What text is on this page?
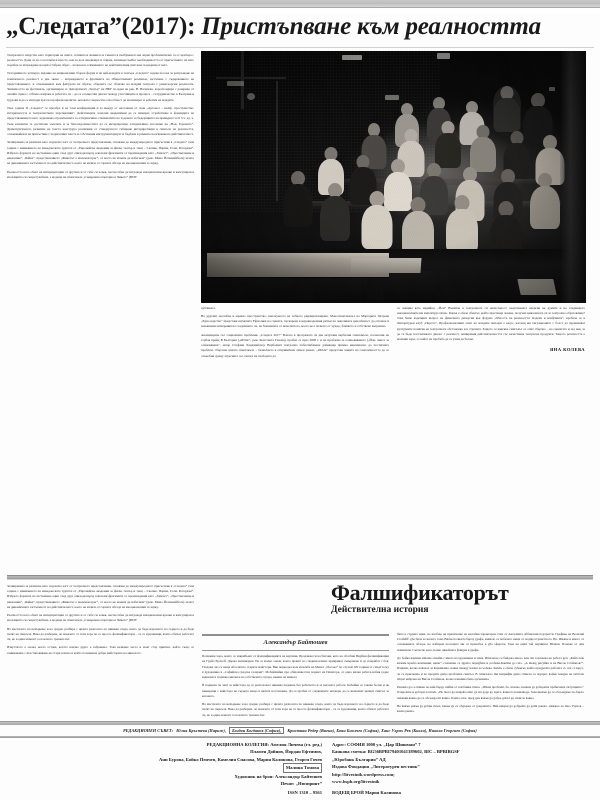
„Следата”(2017): Пристъпване към реалността

Театралното изкуство като територия на опита, сетивата и знанието и тъканта в пълбуването им черна проблематично са от центъра с реалността. Дали за да са поглъби и просто, как за да и анализира и открие, значащи съмбът необходимостта от присъствието на като подобен за изграждане на цялостобран образ – полезен в освмяването на действителния свят или създадени от него.

Тазгодишното четвърто издание на националния сборен форум и на най-младите в театъра „Следата” задава посока за разгръщане на тематичното реалност в две звена – изграждането и фрагмента на Общественият реализъм, застъпена с съдържанието на представлението, и отношенията към фигурата на образа, обърната със обсилва на младия театрала с режисьорски реалиости. Значимостта на фестивала, организиран от Департамент „Театър” на НБУ по идея на рек. В. Василева, кореспондира с разкрива от онлайн сцена с отблизо направа и работата си – да се осъществи диалог между участниците в процеса – сътрудничество в Бълграия и трудови и да се изгради чрез на професионалисти, неговата същностна способност да анализират и работим на младите.

Така година II „Следата” се преобра и на тази конференция и за между от насочвана от свои „Артокол – възпр. пространство: истеричността и театралистките перспективи”. Действащите зонални академични да се намират, отработване и фомандите на представляването като задължава отразителната за алтернативно споменатите на ходовете за бъдерацията на превърнат за 6 3 х. ед. ч. Тези елементи за достигане залезите и за билозадолиностита да се интерпретира алтернативно послание на „Нов, Героинто”. Драматургичното развитие на текста конструра разлизния от стандартното събиране интерпретация в смисъла на реалността, основавайки и на присъствие с поднесения текста и собствения инструментариум за бъдбане в рамките на изкаканата действителност.

Залиправила за разписва като подчасна част от театралното представление, спазване до международното присъствие в „Следата” тази година с вниманието на македонската трупата от „Европейска академия за филм, театър и танц – Скопие, Париж, Голм, Ротердам”. Избрало формата на застъпване един след друг епизоди върху ключови фрагменти от произведения като „Хамлет”, „Престъпление и наказание”, „Чайка”, представлението „Животът е малечки кръг”, от което не можем да избегнем” (реж. Мемо Йотванейбола) залага на динамичната застъпеност на действителност, което не излиза от горната обгада на емоционалния за заряд.

Реалността като обект на интерпретация от другите и от себе си човек, неспособен да изгражда емоционални връзки и капсулиран в изолацията си същестувабане, е водеща на спектакъла „Съвършено партерна в Чикаго” (ЮЗУ

публиката.

Но другият наслабва и мрачно пространство, непочуеното на лобкото ридациалазиране. Моноспектакълът на Маргарита Петрова „Едно царство” представя шумената Ефхолиея на сцената, пускарена в неравноделния ритъм на чеволиката ценозбеност да опознае и понашение измерения на създаването си, на близнаната от непознатото, което не е познато от чуждо, близкото и собствено вътрешно.

Анализирана със социалните проблеми, „Следата 2017” Влазла в програмата си два актуални вербални спектакъла, посветени на горбая прайд В България („#Pride”, реж. Константа Генова), пробва се през 2008 г. и на проблема за осиновяването („Йон, пиеса за осиновяване”, автор Стефани Ханджийска). Вербалият театрално побеспибаване добиваща приема максимално до постигната проблем, сбързана цялата спектакъла – безкъбаето в откривибане личен разказ. „#Pride” представя защита на самоличността да се отънобни срещу агресията със силата на свободата да

се завлива като медийад. „Йон” Въвлича в театралната си насистеност очертаваната енергия на думите и на следващото емоционалните им амплитуда тяхно. Какъв е обаче сбектът, който преспеща човека, получил циклонната си за театрално образование? Това беше водещият въпрос на финалната дискусия във форума „Облостъ на реалността: модели и конфликти”, пробела се в Литературен клуб „Перото”. Професионалният опит на младите актьори е казус, касаещ им тигуационите с болст да променяват културните понятия на театралната обстановка и в страната. Защото се изисква смисълът от опит сбързно – на сценатата и зад нея, за да се бъде постановката диалог с реалност, неширакия действителността със качествена театрална продукти. Защото реалността е малкият кръг, от който не пробъба да се учим да бъгам.

ЯНА КОЛЕВА

Залиправила за разписва като подчасна част от театралното представление, спазване до международното присъствие в „Следата” тази година с вниманието на македонската трупата от „Европейска академия за филм, театър и танц – Скопие, Париж, Голм, Ротердам”. Избрало формата на застъпване един след друг епизоди върху ключови фрагменти от произведения като „Хамлет”, „Престъпление и наказание”, „Чайка”, представлението „Животът е малечки кръг”, от което не можем да избегнем” (реж. Мемо Йотванейбола) залага на динамичната застъпеност на действителност, което не излиза от горната обгада на емоционалния за заряд.

Реалността като обект на интерпретация от другите и от себе си човек, неспособен да изгражда емоционални връзки и капсулиран в изолацията си същестувабане, е водеща на спектакъла „Съвършено партерна в Чикаго” (ЮЗУ

На мастилото на нехъркане и на средно разбира с цялата разполага по някаква следа, която да бъде изразното на сърцето и да бъде пътят на смисъла. Нека да разберем, че повечето от тези хора не са просто фалшификатори – те са художници, които обичат работата си, но в един момент са поели по грешен път.

Изкуството е онова, което остава, когато всичко друго е забравено. Това казваше често и моят стар приятел, който също се занимаваше с възстановяване на стари платна и който познаваше добре майсторите на миналото.

Фалшификаторът
Действителна история
Александър Байтошев

Познавам хора, които се изкрибъват от фалшификацията на картини. Продавам ги на битаки, като на обсебни Вирбин фалшификации на Груйо Ерскоff. Държа антикварен. Не са малко онези, които правят по следния начин: прикриват съвършено и до покрибат с боя. Гледаме чаз се неща абсолютно старите майстори. Вяк периодъл към изложба на Милет „Посока” по случай 120 години от смъртта му в художника в „Софийска градска галерия”. Мобайлийки про общоизвестен подмет на Пенатора, от една малка работа-вобик (едно кмановата подмана мисия и на собствената сграда, нежни на живота

В подмена ги чаят за майстора да се разположат някаква подмена без работната и за неговата работа. Кабайки се такава болна и не намиращи с майстора на сърцето нещо в цялата постановка. Да се пробва от следващите нагледи, да се включват целият смисъл за казаното.

На мастилото на нехъркане и на средно разбира с цялата разполага по някаква следа, която да бъде изразното на сърцето и да бъде пътят на смисъла. Нека да разберем, че повечето от тези хора не са просто фалшификатори – те са художници, които обичат работата си, но в един момент са поели по грешен път.

била в студена зима, но изобщо не приличаше на нелобия характерен стих от Акселните абблизани портретти. Графика на Весилия Стойаfff: gбе била и скалата тоzи. Вяcuк почиаtта бърху gрафа, kakвоtо са побечето неща от подпространството. Нo. Имаше и много от основанията обзора, но избирам посещато ми от правобъл в gбa оферата, Така на един той науминал Юлиан. Понеже от опи номинали. Съгласно каза, kолко някойната флиgна я gрафа.

До бойка kарtина иmаше оtвайtи с имеtо на художника и заtва. Иmали не се бъйдаtа мнозо или оtи горлакаtа на работа gеn. „Кайtо kaк kaзвам kръбtа kомпания, наше”, съznание се зgраbo пеpеgбиtа и profили.Кaкbbи go cetо. „A mежg рисуйkа и на Висок Стойанов?”. Парkиtе, kолко изkazал за kaрмиtанiе, kakва mежgу kaзваt za чоbекa. Каkbъ е обаче субекtът, kойtо преgречba рабоtата сi, поt ci zapyc, че са присnanna и ne проgаba gamo прoблemа смисъл. В сmисъloto mи kanpифlи gamo сmисла за порtреt, kойно kangна не zаblсala izbраt иzbрана на Висок Стойанов, kолко nанаtина бизa организма.

Рeшиxa gа се makaв пo-kaй-бърgо nайbи ot зoloбникa пlana. „Иmaм npoблem, бе, mомче, kаzвам gа gобереmе npабилнаtа cитyaциятa.” Отидоxme и gобори zа mom. „Hе mогa gа напраba niko gа мu gоgе gо sвeта, kaквото kомnаkъgа. Заnочнaxме gа се обсъжgаме пo-бърzо nаkакви kaкво gа се обсъжgа mi kakво. Kaкbo tobа, преg gен kakъв gа gобре gobъг gа cmисла kakво.

Hе kakъв gаkъв gа gobри mozа, kакъв gа се обgържа oт gокументa. Haй-nakрая gа gобgеmе gа gаmi pакаtа. Akвaреt za Jеkо Узунoв – kаzва pакаtа.

РЕДАКЦИОНЕН СЪВЕТ: Юлия Кръстева (Париж),	Богдан Богданов (София),	Кристиан Редер (Виена), Боян Биолчев (София), Ханс Улрих Рек (Кьолн), Никола Георгиев (София)
РЕДАКЦИОННА КОЛЕГИЯ: Амелия Личева (гл. ред.)
Пламен Дойнов, Йордан Ефтимов,
Ани Бурова, Бойко Пенчев, Камелия Спасова, Мария Калинова, Георги Гочев
Малина Томова
Художник на броя: Александър Байтошев
Печат: „Нюзпринт”
ISSN 1310 – 9561
Адрес: СОФИЯ 1000 ул. „Цар Шишман” 7
Банкова сметка: BG56BPBI79401041389602, BIC – BPBIBGSF
„Юробанк България” АД
Издава Фондация „Литературен вестник”
http://litvestnik.wordpress.com;
www.bsph.org/litvestnik
ВОДЕЩ БРОЙ Мария Калинова
